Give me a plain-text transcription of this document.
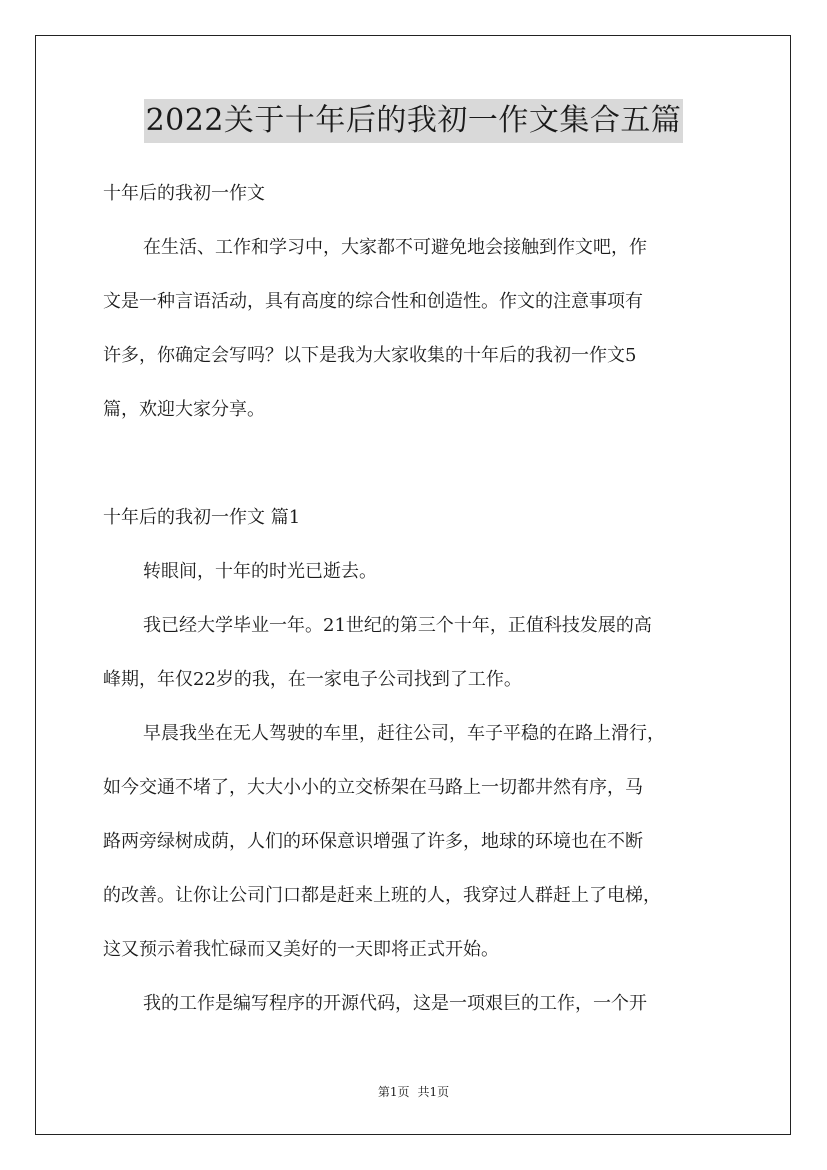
2022关于十年后的我初一作文集合五篇
十年后的我初一作文
在生活、工作和学习中，大家都不可避免地会接触到作文吧，作
文是一种言语活动，具有高度的综合性和创造性。作文的注意事项有
许多，你确定会写吗？以下是我为大家收集的十年后的我初一作文5
篇，欢迎大家分享。
十年后的我初一作文 篇1
转眼间，十年的时光已逝去。
我已经大学毕业一年。21世纪的第三个十年，正值科技发展的高
峰期，年仅22岁的我，在一家电子公司找到了工作。
早晨我坐在无人驾驶的车里，赶往公司，车子平稳的在路上滑行，
如今交通不堵了，大大小小的立交桥架在马路上一切都井然有序，马
路两旁绿树成荫，人们的环保意识增强了许多，地球的环境也在不断
的改善。让你让公司门口都是赶来上班的人，我穿过人群赶上了电梯，
这又预示着我忙碌而又美好的一天即将正式开始。
我的工作是编写程序的开源代码，这是一项艰巨的工作，一个开
第1页 共1页
